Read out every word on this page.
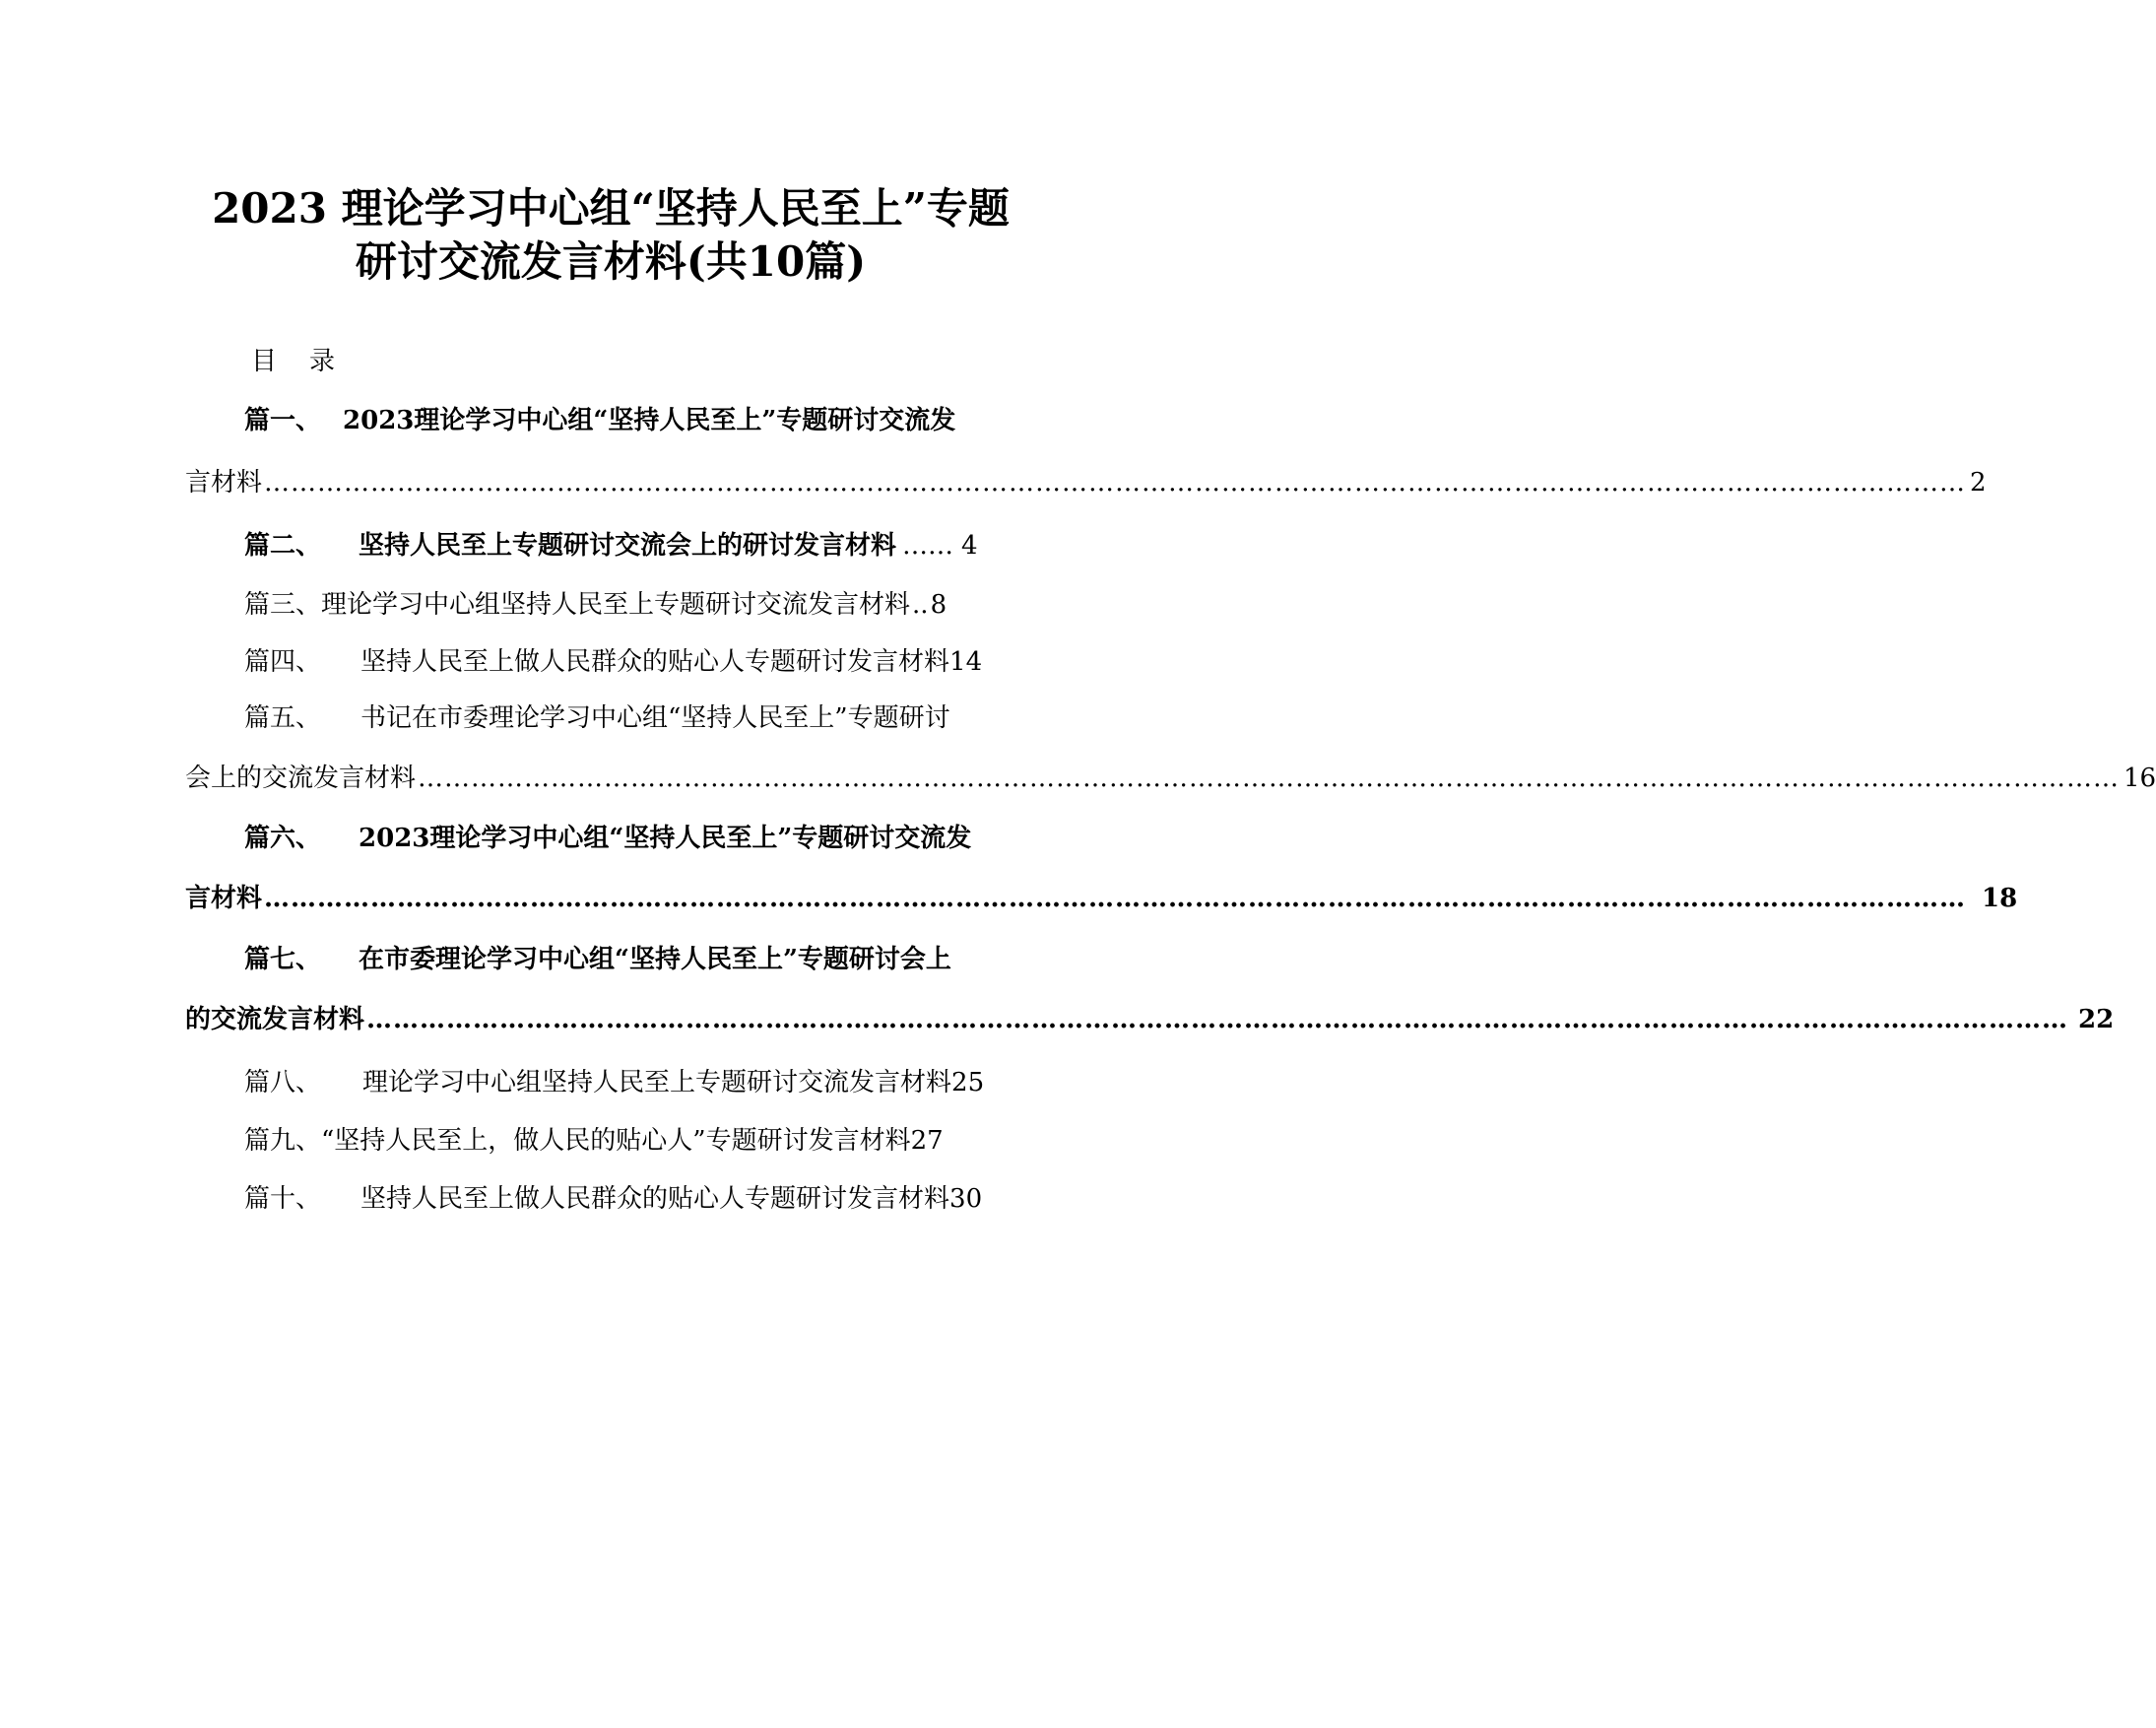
2023 理论学习中心组“坚持人民至上”专题
研讨交流发言材料(共10篇)
目    录
篇一、 2023理论学习中心组“坚持人民至上”专题研讨交流发
言材料 ………………………………………………………………………………………………………………………………………………………………………… 2
篇二、 坚持人民至上专题研讨交流会上的研讨发言材料 …… 4
篇三、 理论学习中心组坚持人民至上专题研讨交流发言材料 .. 8
篇四、 坚持人民至上做人民群众的贴心人专题研讨发言材料 14
篇五、 书记在市委理论学习中心组“坚持人民至上”专题研讨
会上的交流发言材料 ………………………………………………………………………………………………………………………………………………………………………… 16
篇六、 2023理论学习中心组“坚持人民至上”专题研讨交流发
言材料 ………………………………………………………………………………………………………………………………………………………………………… 18
篇七、 在市委理论学习中心组“坚持人民至上”专题研讨会上
的交流发言材料 ………………………………………………………………………………………………………………………………………………………………………… 22
篇八、 理论学习中心组坚持人民至上专题研讨交流发言材料 25
篇九、 “坚持人民至上，做人民的贴心人”专题研讨发言材料 27
篇十、 坚持人民至上做人民群众的贴心人专题研讨发言材料 30
